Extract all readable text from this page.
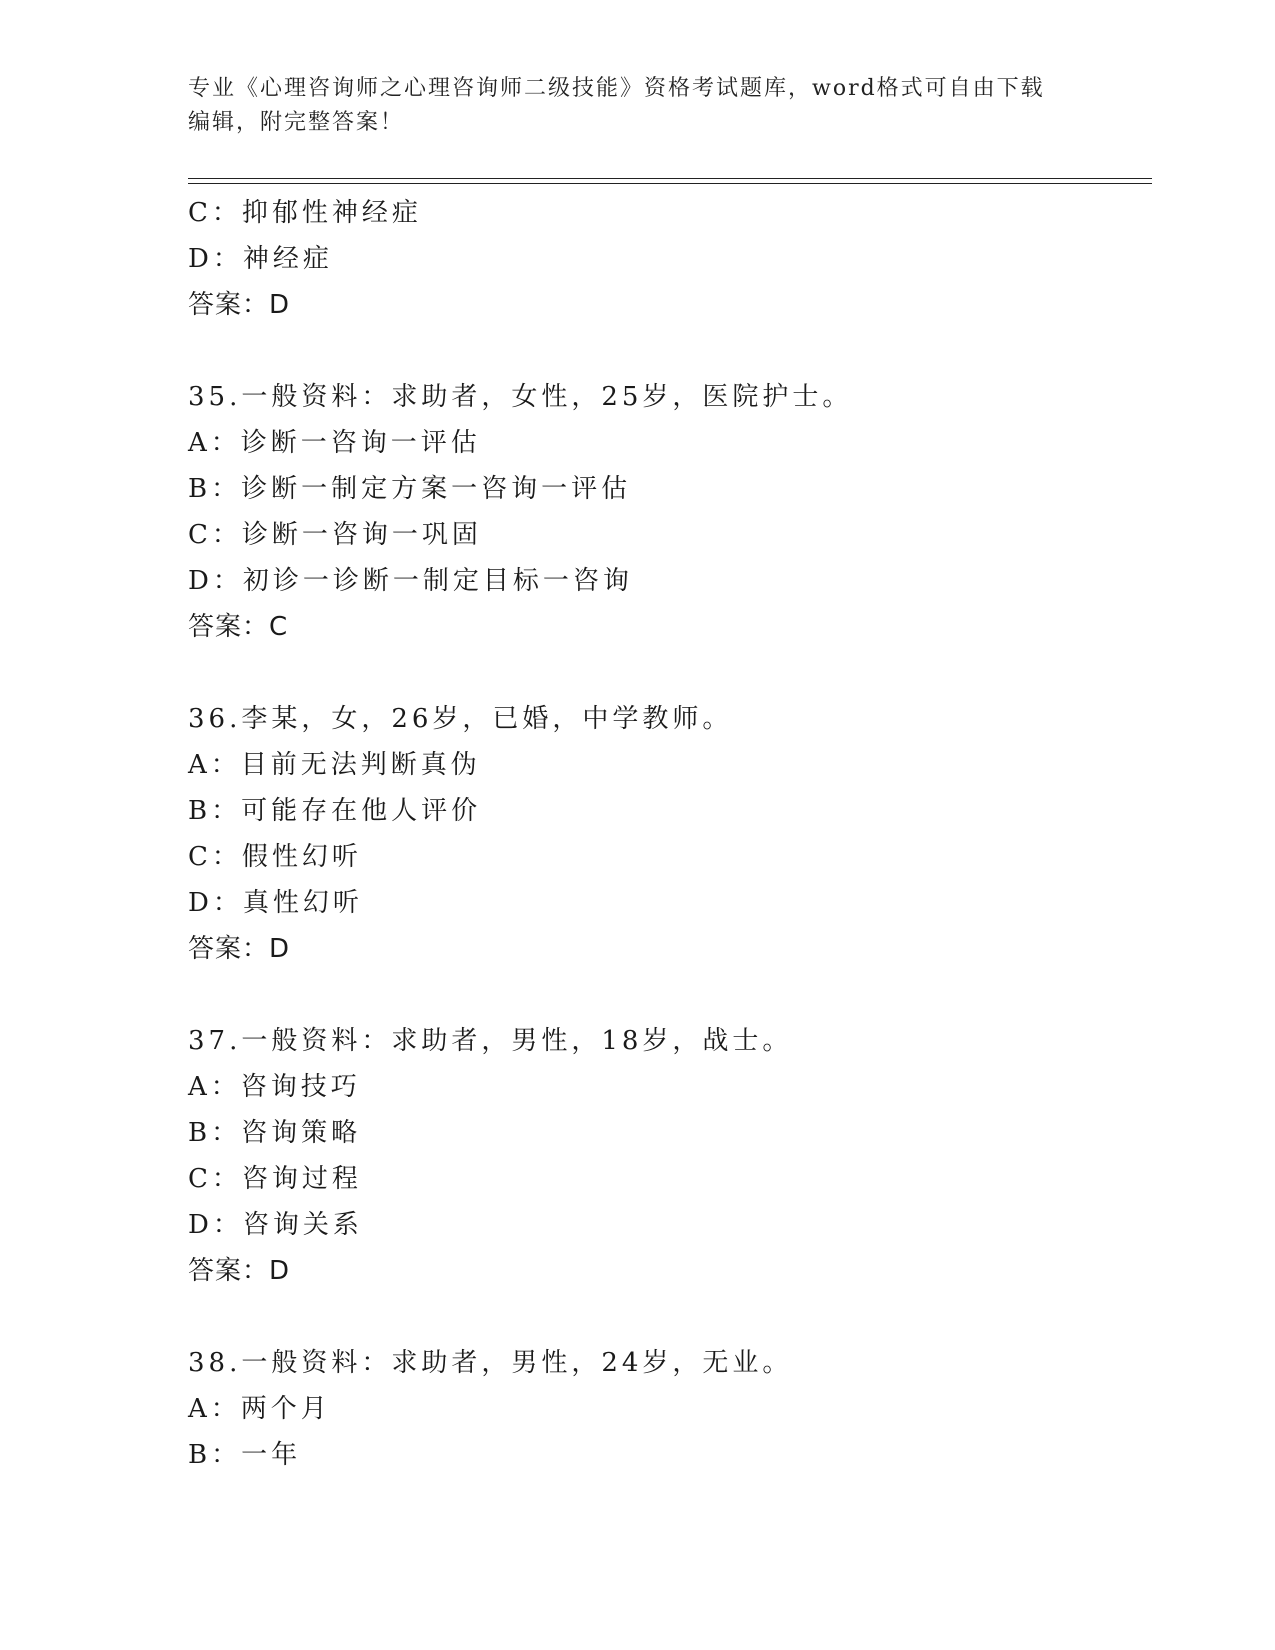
专业《心理咨询师之心理咨询师二级技能》资格考试题库，word格式可自由下载
编辑，附完整答案！
C：抑郁性神经症
D：神经症
答案：D
35.一般资料：求助者，女性，25岁，医院护士。
A：诊断一咨询一评估
B：诊断一制定方案一咨询一评估
C：诊断一咨询一巩固
D：初诊一诊断一制定目标一咨询
答案：C
36.李某，女，26岁，已婚，中学教师。
A：目前无法判断真伪
B：可能存在他人评价
C：假性幻听
D：真性幻听
答案：D
37.一般资料：求助者，男性，18岁，战士。
A：咨询技巧
B：咨询策略
C：咨询过程
D：咨询关系
答案：D
38.一般资料：求助者，男性，24岁，无业。
A：两个月
B：一年
